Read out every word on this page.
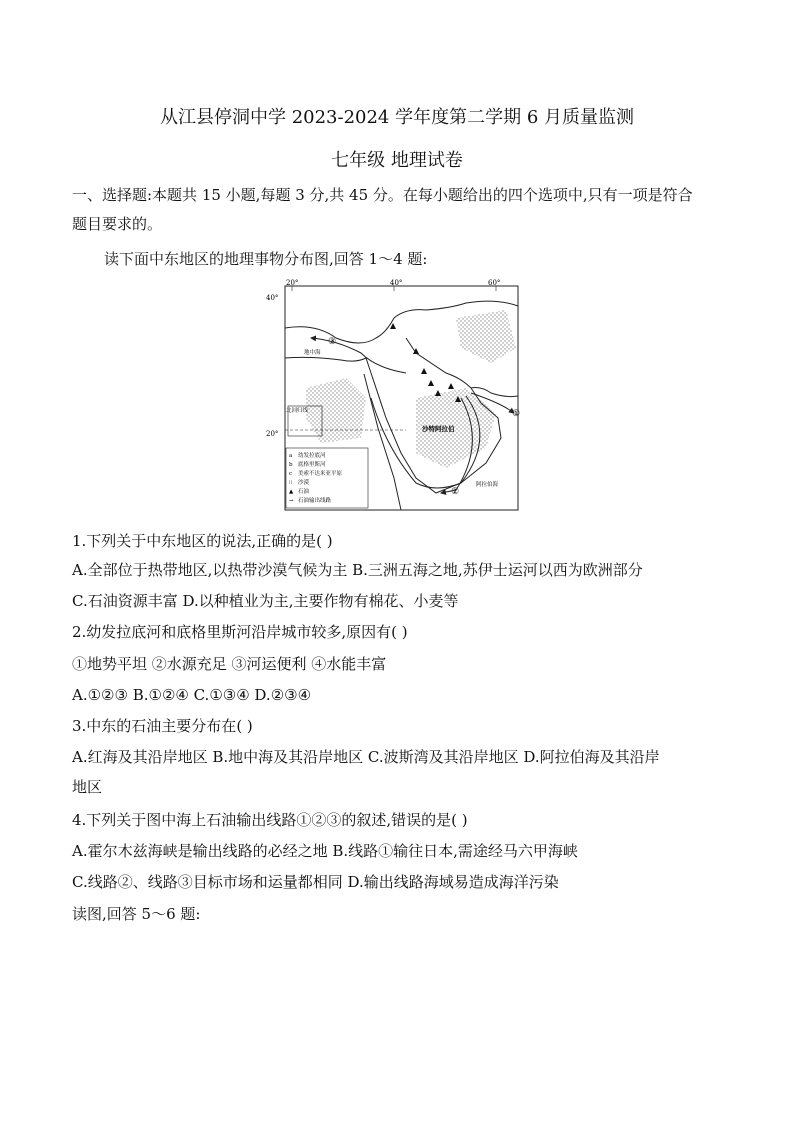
从江县停洞中学 2023-2024 学年度第二学期 6 月质量监测
七年级 地理试卷
一、选择题:本题共 15 小题,每题 3 分,共 45 分。在每小题给出的四个选项中,只有一项是符合
题目要求的。
读下面中东地区的地理事物分布图,回答 1～4 题:
20°	40°	60°
40°
20°
①
②
③
地中海
北回归线
沙特阿拉伯
阿拉伯海
a 幼发拉底河
b 底格里斯河
c 美索不达米亚平原
⁞⁞ 沙漠
▲ 石油
→ 石油输出线路
1.下列关于中东地区的说法,正确的是( )
A.全部位于热带地区,以热带沙漠气候为主 B.三洲五海之地,苏伊士运河以西为欧洲部分
C.石油资源丰富 D.以种植业为主,主要作物有棉花、小麦等
2.幼发拉底河和底格里斯河沿岸城市较多,原因有( )
①地势平坦 ②水源充足 ③河运便利 ④水能丰富
A.①②③ B.①②④ C.①③④ D.②③④
3.中东的石油主要分布在( )
A.红海及其沿岸地区 B.地中海及其沿岸地区 C.波斯湾及其沿岸地区 D.阿拉伯海及其沿岸
地区
4.下列关于图中海上石油输出线路①②③的叙述,错误的是( )
A.霍尔木兹海峡是输出线路的必经之地 B.线路①输往日本,需途经马六甲海峡
C.线路②、线路③目标市场和运量都相同 D.输出线路海域易造成海洋污染
读图,回答 5～6 题:
